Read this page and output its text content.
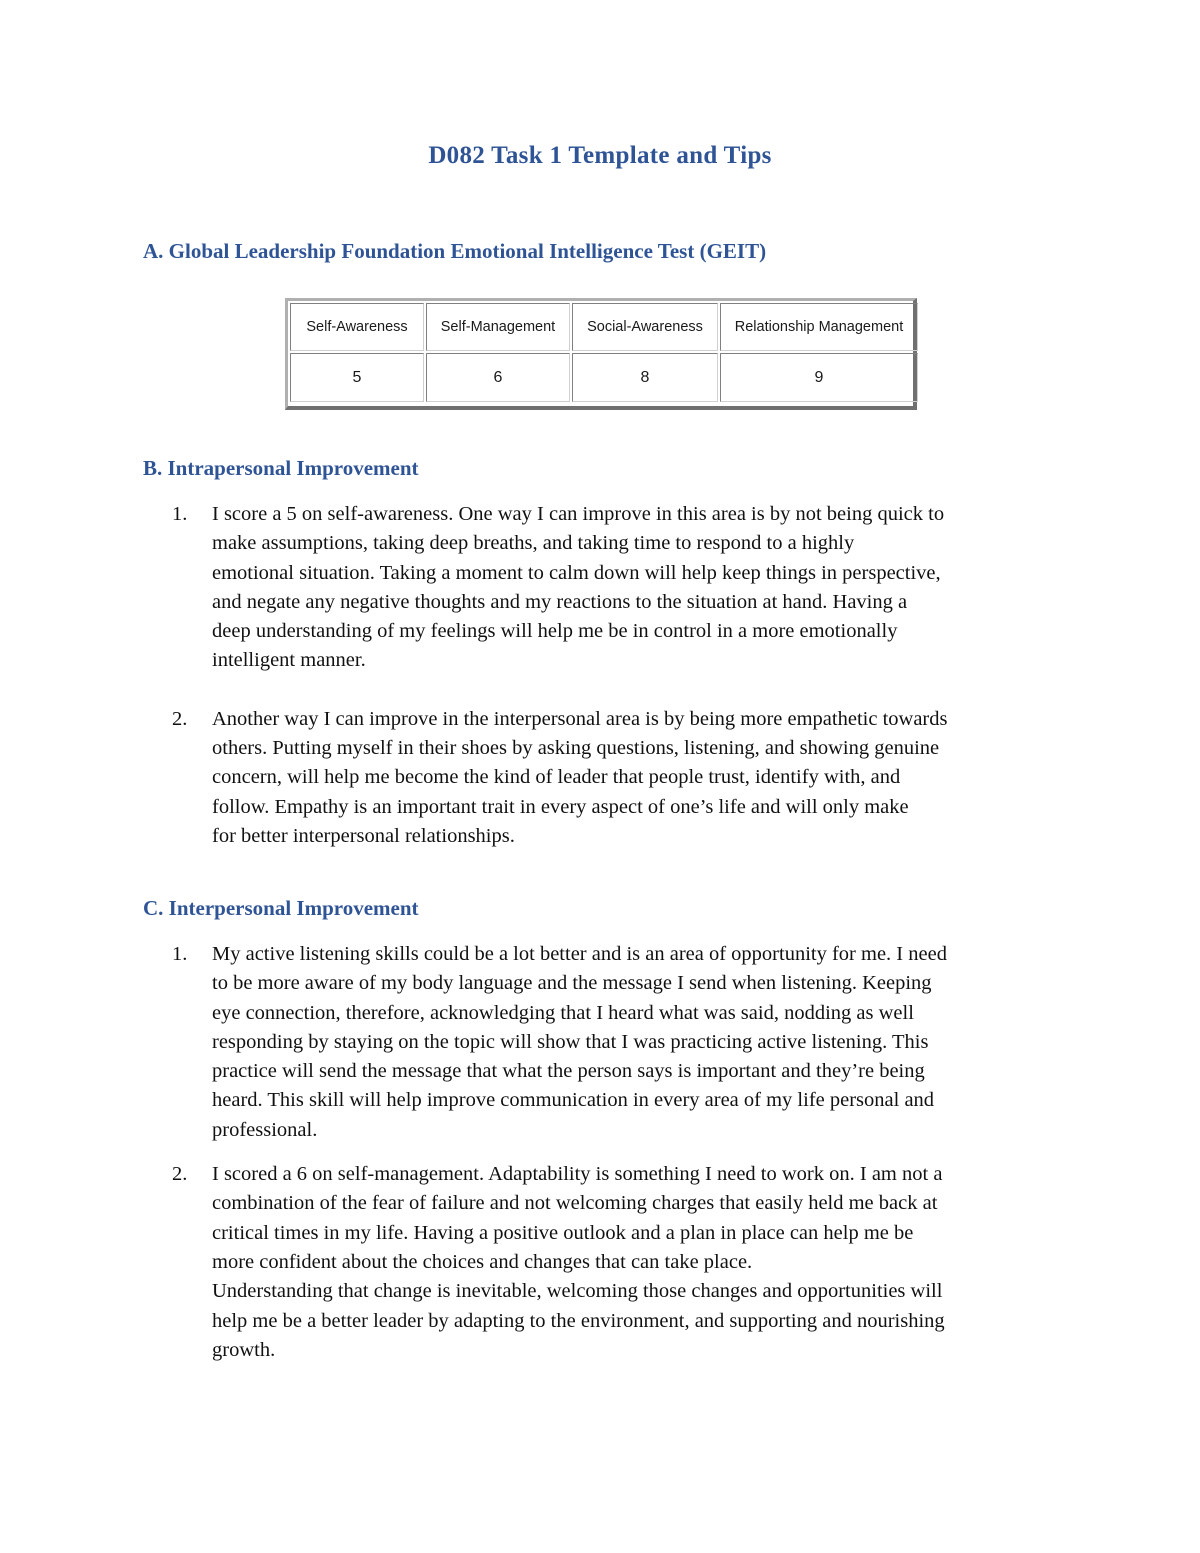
D082 Task 1 Template and Tips
A. Global Leadership Foundation Emotional Intelligence Test (GEIT)
Self-Awareness	Self-Management	Social-Awareness	Relationship Management
5	6	8	9
B. Intrapersonal Improvement
1.	I score a 5 on self-awareness. One way I can improve in this area is by not being quick to
make assumptions, taking deep breaths, and taking time to respond to a highly
emotional situation. Taking a moment to calm down will help keep things in perspective,
and negate any negative thoughts and my reactions to the situation at hand. Having a
deep understanding of my feelings will help me be in control in a more emotionally
intelligent manner.
2.	Another way I can improve in the interpersonal area is by being more empathetic towards
others. Putting myself in their shoes by asking questions, listening, and showing genuine
concern, will help me become the kind of leader that people trust, identify with, and
follow. Empathy is an important trait in every aspect of one’s life and will only make
for better interpersonal relationships.
C. Interpersonal Improvement
1.	My active listening skills could be a lot better and is an area of opportunity for me. I need
to be more aware of my body language and the message I send when listening. Keeping
eye connection, therefore, acknowledging that I heard what was said, nodding as well
responding by staying on the topic will show that I was practicing active listening. This
practice will send the message that what the person says is important and they’re being
heard. This skill will help improve communication in every area of my life personal and
professional.
2.	I scored a 6 on self-management. Adaptability is something I need to work on. I am not a
combination of the fear of failure and not welcoming charges that easily held me back at
critical times in my life. Having a positive outlook and a plan in place can help me be
more confident about the choices and changes that can take place.
Understanding that change is inevitable, welcoming those changes and opportunities will
help me be a better leader by adapting to the environment, and supporting and nourishing
growth.
